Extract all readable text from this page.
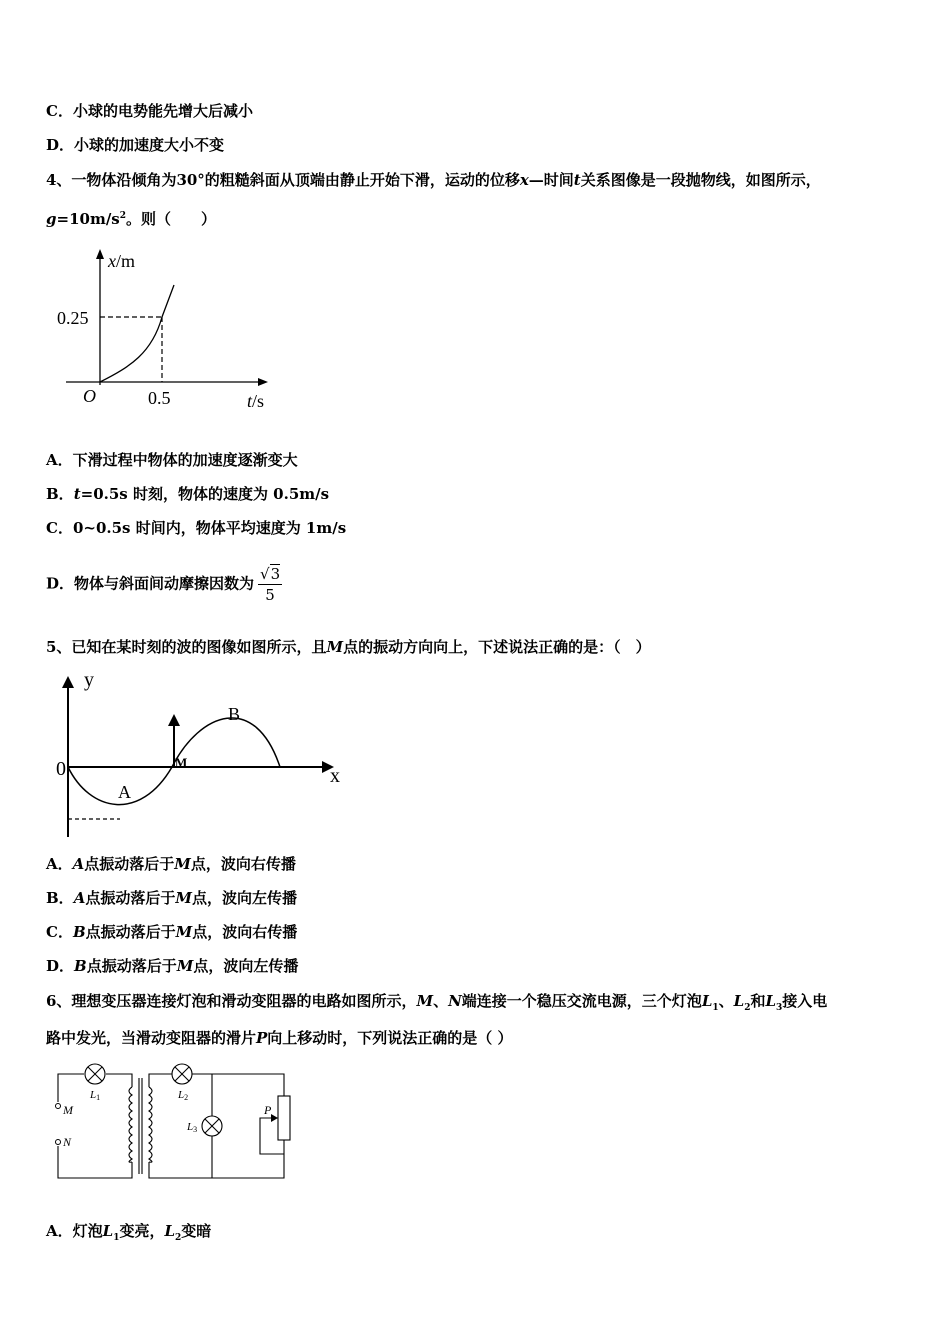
C．小球的电势能先增大后减小
D．小球的加速度大小不变
4、一物体沿倾角为30°的粗糙斜面从顶端由静止开始下滑，运动的位移x—时间t关系图像是一段抛物线，如图所示，
$g=10m/s^2$。则（　　）
x/m
0.25
O	0.5	t/s
A．下滑过程中物体的加速度逐渐变大
B．t=0.5s 时刻，物体的速度为 0.5m/s
C．0~0.5s 时间内，物体平均速度为 1m/s
D．物体与斜面间动摩擦因数为 $\frac{√3}{5}$
5、已知在某时刻的波的图像如图所示，且M点的振动方向向上，下述说法正确的是：（　）
y
x
0
A
B
M
A．A点振动落后于M点，波向右传播
B．A点振动落后于M点，波向左传播
C．B点振动落后于M点，波向右传播
D．B点振动落后于M点，波向左传播
6、理想变压器连接灯泡和滑动变阻器的电路如图所示，M、N端连接一个稳压交流电源，三个灯泡$L_1$、$L_2$和$L_3$接入电
路中发光，当滑动变阻器的滑片P向上移动时，下列说法正确的是（ ）
M
N
L1	L2
L3
P
A．灯泡$L_1$变亮，$L_2$变暗
